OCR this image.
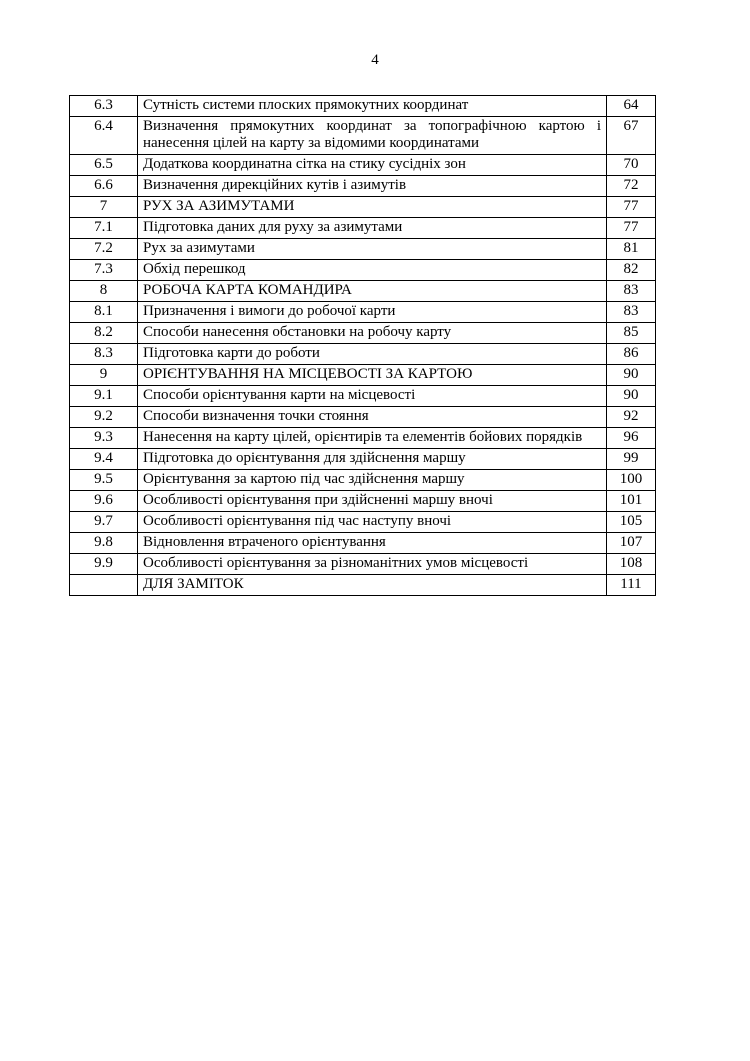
4
6.3	Сутність системи плоских прямокутних координат	64
6.4	Визначення прямокутних координат за топографічною картою і нанесення цілей на карту за відомими координатами	67
6.5	Додаткова координатна сітка на стику сусідніх зон	70
6.6	Визначення дирекційних кутів і азимутів	72
7	РУХ ЗА АЗИМУТАМИ	77
7.1	Підготовка даних для руху за азимутами	77
7.2	Рух за азимутами	81
7.3	Обхід перешкод	82
8	РОБОЧА КАРТА КОМАНДИРА	83
8.1	Призначення і вимоги до робочої карти	83
8.2	Способи нанесення обстановки на робочу карту	85
8.3	Підготовка карти до роботи	86
9	ОРІЄНТУВАННЯ НА МІСЦЕВОСТІ ЗА КАРТОЮ	90
9.1	Способи орієнтування карти на місцевості	90
9.2	Способи визначення точки стояння	92
9.3	Нанесення на карту цілей, орієнтирів та елементів бойових порядків	96
9.4	Підготовка до орієнтування для здійснення маршу	99
9.5	Орієнтування за картою під час здійснення маршу	100
9.6	Особливості орієнтування при здійсненні маршу вночі	101
9.7	Особливості орієнтування під час наступу вночі	105
9.8	Відновлення втраченого орієнтування	107
9.9	Особливості орієнтування за різноманітних умов місцевості	108
	ДЛЯ ЗАМІТОК	111
